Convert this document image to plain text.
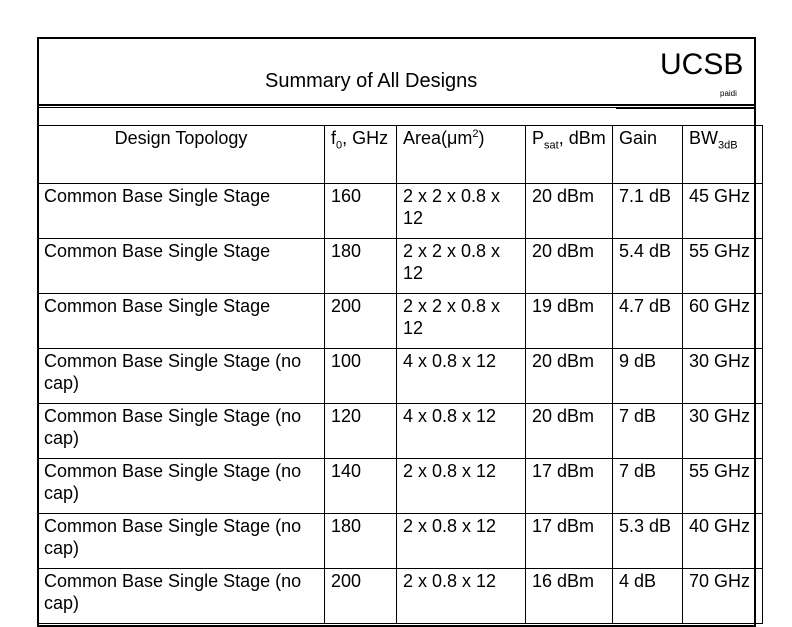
Summary of All Designs	UCSB
paidi
Design Topology	$f_0$, GHz	$Area(\mu m^2)$	$P_{sat}$, dBm	Gain	$BW_{3dB}$
Common Base Single Stage	160	2 x 2 x 0.8 x 12	20 dBm	7.1 dB	45 GHz
Common Base Single Stage	180	2 x 2 x 0.8 x 12	20 dBm	5.4 dB	55 GHz
Common Base Single Stage	200	2 x 2 x 0.8 x 12	19 dBm	4.7 dB	60 GHz
Common Base Single Stage (no cap)	100	4 x 0.8 x 12	20 dBm	9 dB	30 GHz
Common Base Single Stage (no cap)	120	4 x 0.8 x 12	20 dBm	7 dB	30 GHz
Common Base Single Stage (no cap)	140	2 x 0.8 x 12	17 dBm	7 dB	55 GHz
Common Base Single Stage (no cap)	180	2 x 0.8 x 12	17 dBm	5.3 dB	40 GHz
Common Base Single Stage (no cap)	200	2 x 0.8 x 12	16 dBm	4 dB	70 GHz
